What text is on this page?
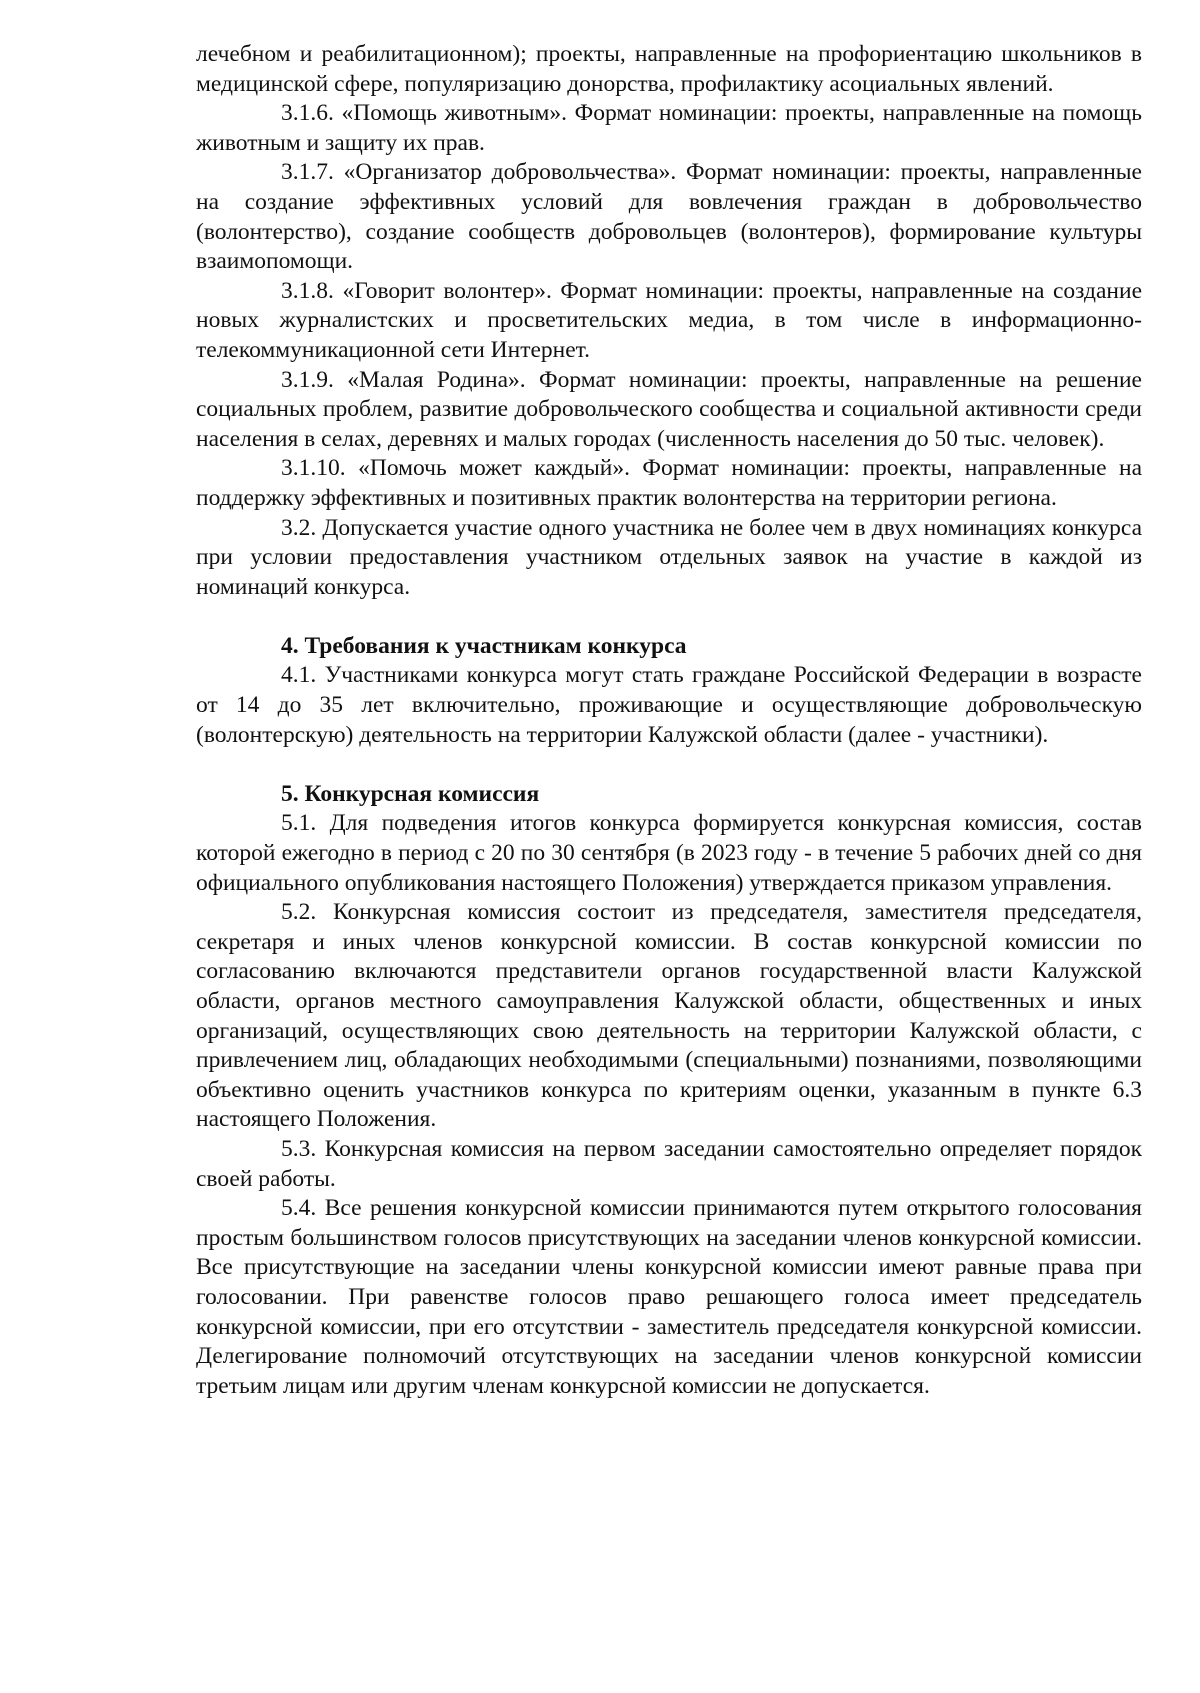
лечебном и реабилитационном); проекты, направленные на профориентацию школьников в медицинской сфере, популяризацию донорства, профилактику асоциальных явлений.

3.1.6. «Помощь животным». Формат номинации: проекты, направленные на помощь животным и защиту их прав.

3.1.7. «Организатор добровольчества». Формат номинации: проекты, направленные на создание эффективных условий для вовлечения граждан в добровольчество (волонтерство), создание сообществ добровольцев (волонтеров), формирование культуры взаимопомощи.

3.1.8. «Говорит волонтер». Формат номинации: проекты, направленные на создание новых журналистских и просветительских медиа, в том числе в информационно-телекоммуникационной сети Интернет.

3.1.9. «Малая Родина». Формат номинации: проекты, направленные на решение социальных проблем, развитие добровольческого сообщества и социальной активности среди населения в селах, деревнях и малых городах (численность населения до 50 тыс. человек).

3.1.10. «Помочь может каждый». Формат номинации: проекты, направленные на поддержку эффективных и позитивных практик волонтерства на территории региона.

3.2. Допускается участие одного участника не более чем в двух номинациях конкурса при условии предоставления участником отдельных заявок на участие в каждой из номинаций конкурса.

4. Требования к участникам конкурса

4.1. Участниками конкурса могут стать граждане Российской Федерации в возрасте от 14 до 35 лет включительно, проживающие и осуществляющие добровольческую (волонтерскую) деятельность на территории Калужской области (далее - участники).

5. Конкурсная комиссия

5.1. Для подведения итогов конкурса формируется конкурсная комиссия, состав которой ежегодно в период с 20 по 30 сентября (в 2023 году - в течение 5 рабочих дней со дня официального опубликования настоящего Положения) утверждается приказом управления.

5.2. Конкурсная комиссия состоит из председателя, заместителя председателя, секретаря и иных членов конкурсной комиссии. В состав конкурсной комиссии по согласованию включаются представители органов государственной власти Калужской области, органов местного самоуправления Калужской области, общественных и иных организаций, осуществляющих свою деятельность на территории Калужской области, с привлечением лиц, обладающих необходимыми (специальными) познаниями, позволяющими объективно оценить участников конкурса по критериям оценки, указанным в пункте 6.3 настоящего Положения.

5.3. Конкурсная комиссия на первом заседании самостоятельно определяет порядок своей работы.

5.4. Все решения конкурсной комиссии принимаются путем открытого голосования простым большинством голосов присутствующих на заседании членов конкурсной комиссии. Все присутствующие на заседании члены конкурсной комиссии имеют равные права при голосовании. При равенстве голосов право решающего голоса имеет председатель конкурсной комиссии, при его отсутствии - заместитель председателя конкурсной комиссии. Делегирование полномочий отсутствующих на заседании членов конкурсной комиссии третьим лицам или другим членам конкурсной комиссии не допускается.
